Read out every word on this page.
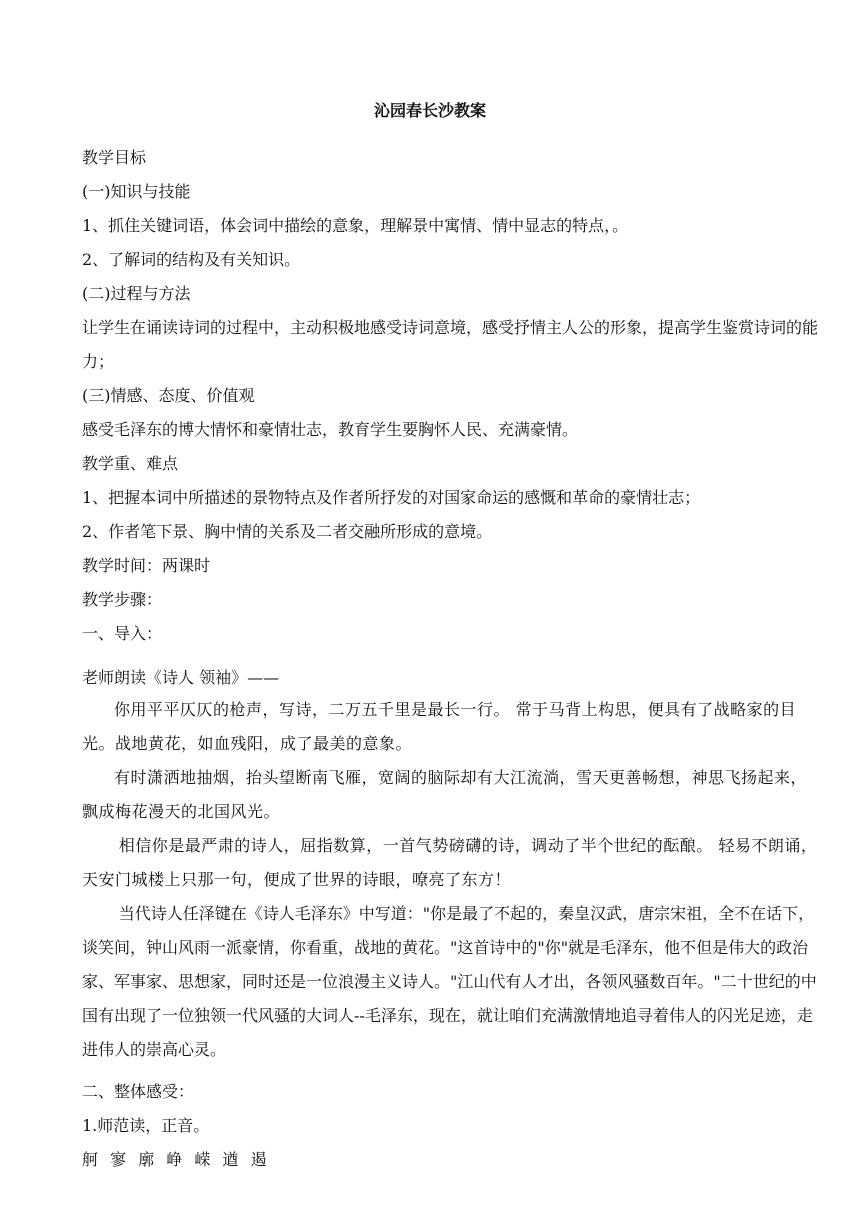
沁园春长沙教案
教学目标
(一)知识与技能
1、抓住关键词语，体会词中描绘的意象，理解景中寓情、情中显志的特点，。
2、了解词的结构及有关知识。
(二)过程与方法
让学生在诵读诗词的过程中，主动积极地感受诗词意境，感受抒情主人公的形象，提高学生鉴赏诗词的能力；
(三)情感、态度、价值观
感受毛泽东的博大情怀和豪情壮志，教育学生要胸怀人民、充满豪情。
教学重、难点
1、把握本词中所描述的景物特点及作者所抒发的对国家命运的感慨和革命的豪情壮志；
2、作者笔下景、胸中情的关系及二者交融所形成的意境。
教学时间：两课时
教学步骤：
一、导入：
老师朗读《诗人 领袖》——
你用平平仄仄的枪声，写诗，二万五千里是最长一行。 常于马背上构思，便具有了战略家的目光。战地黄花，如血残阳，成了最美的意象。
有时潇洒地抽烟，抬头望断南飞雁，宽阔的脑际却有大江流淌，雪天更善畅想，神思飞扬起来，飘成梅花漫天的北国风光。
相信你是最严肃的诗人，屈指数算，一首气势磅礴的诗，调动了半个世纪的酝酿。 轻易不朗诵，天安门城楼上只那一句，便成了世界的诗眼，嘹亮了东方！
当代诗人任泽键在《诗人毛泽东》中写道："你是最了不起的，秦皇汉武，唐宗宋祖，全不在话下，谈笑间，钟山风雨一派豪情，你看重，战地的黄花。"这首诗中的"你"就是毛泽东，他不但是伟大的政治家、军事家、思想家，同时还是一位浪漫主义诗人。"江山代有人才出，各领风骚数百年。"二十世纪的中国有出现了一位独领一代风骚的大词人--毛泽东，现在，就让咱们充满激情地追寻着伟人的闪光足迹，走进伟人的崇高心灵。
二、整体感受：
1.师范读，正音。
舸 寥 廓 峥 嵘 遒 遏
